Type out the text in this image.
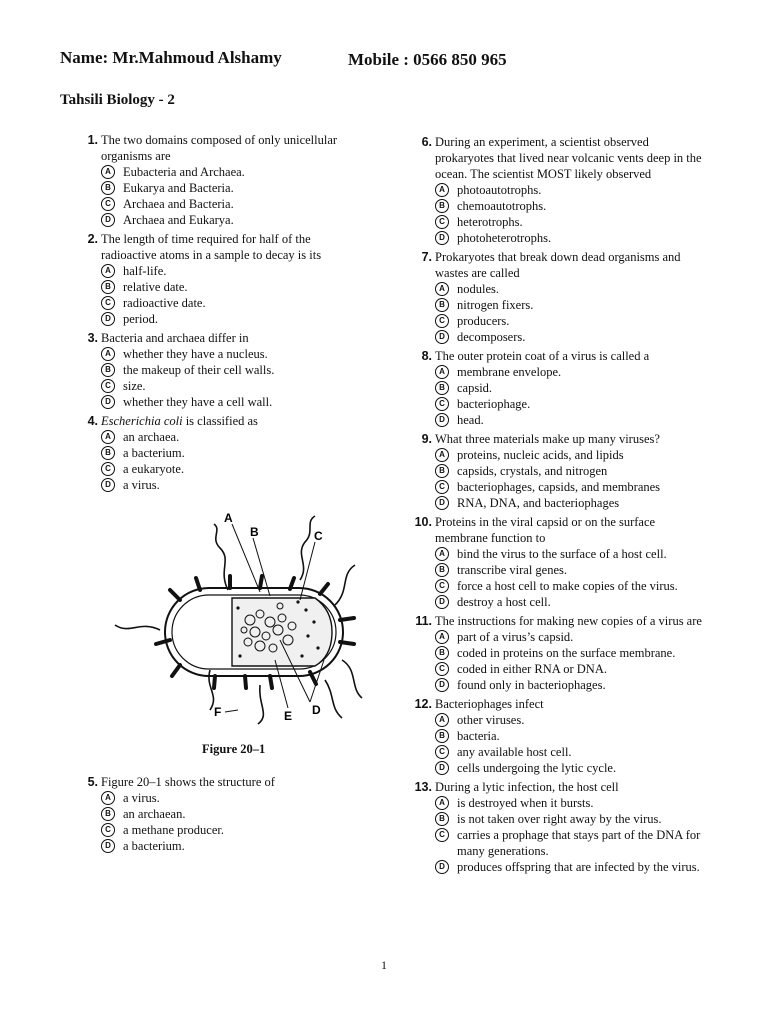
Name: Mr.Mahmoud Alshamy	Mobile : 0566 850 965
Tahsili Biology - 2
1. The two domains composed of only unicellular organisms are
A Eubacteria and Archaea.
B Eukarya and Bacteria.
C Archaea and Bacteria.
D Archaea and Eukarya.
2. The length of time required for half of the radioactive atoms in a sample to decay is its
A half-life.
B relative date.
C radioactive date.
D period.
3. Bacteria and archaea differ in
A whether they have a nucleus.
B the makeup of their cell walls.
C size.
D whether they have a cell wall.
4. Escherichia coli is classified as
A an archaea.
B a bacterium.
C a eukaryote.
D a virus.
A
B	C
D
E
F
Figure 20–1
5. Figure 20–1 shows the structure of
A a virus.
B an archaean.
C a methane producer.
D a bacterium.
6. During an experiment, a scientist observed prokaryotes that lived near volcanic vents deep in the ocean. The scientist MOST likely observed
A photoautotrophs.
B chemoautotrophs.
C heterotrophs.
D photoheterotrophs.
7. Prokaryotes that break down dead organisms and wastes are called
A nodules.
B nitrogen fixers.
C producers.
D decomposers.
8. The outer protein coat of a virus is called a
A membrane envelope.
B capsid.
C bacteriophage.
D head.
9. What three materials make up many viruses?
A proteins, nucleic acids, and lipids
B capsids, crystals, and nitrogen
C bacteriophages, capsids, and membranes
D RNA, DNA, and bacteriophages
10. Proteins in the viral capsid or on the surface membrane function to
A bind the virus to the surface of a host cell.
B transcribe viral genes.
C force a host cell to make copies of the virus.
D destroy a host cell.
11. The instructions for making new copies of a virus are
A part of a virus’s capsid.
B coded in proteins on the surface membrane.
C coded in either RNA or DNA.
D found only in bacteriophages.
12. Bacteriophages infect
A other viruses.
B bacteria.
C any available host cell.
D cells undergoing the lytic cycle.
13. During a lytic infection, the host cell
A is destroyed when it bursts.
B is not taken over right away by the virus.
C carries a prophage that stays part of the DNA for many generations.
D produces offspring that are infected by the virus.
1
